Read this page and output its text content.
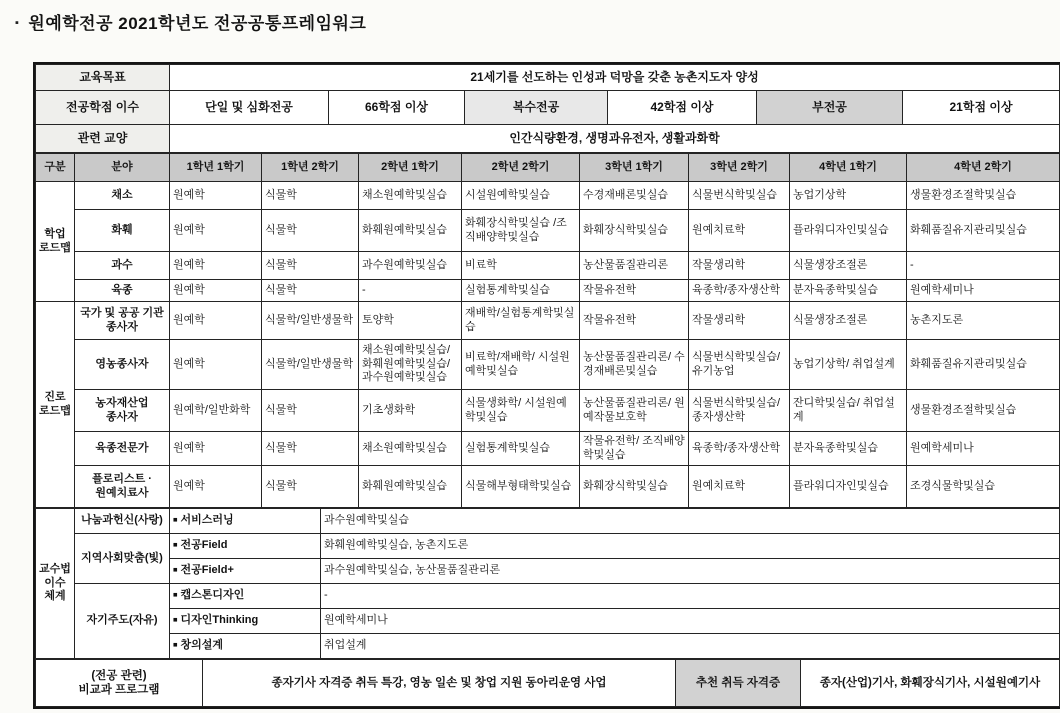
▪ 원예학전공 2021학년도 전공공통프레임워크
교육목표	21세기를 선도하는 인성과 덕망을 갖춘 농촌지도자 양성					
전공학점 이수	단일 및 심화전공	66학점 이상	복수전공	42학점 이상	부전공	21학점 이상
관련 교양	인간식량환경, 생명과유전자, 생활과화학					
구분	분야	1학년 1학기	1학년 2학기	2학년 1학기	2학년 2학기	3학년 1학기	3학년 2학기	4학년 1학기	4학년 2학기
학업 로드맵	채소	원예학	식물학	채소원예학및실습	시설원예학및실습	수경재배론및실습	식물번식학및실습	농업기상학	생물환경조절학및실습
	화훼	원예학	식물학	화훼원예학및실습	화훼장식학및실습 /조직배양학및실습	화훼장식학및실습	원예치료학	플라워디자인및실습	화훼품질유지관리및실습
	과수	원예학	식물학	과수원예학및실습	비료학	농산물품질관리론	작물생리학	식물생장조절론	-
	육종	원예학	식물학	-	실험통계학및실습	작물유전학	육종학/종자생산학	분자육종학및실습	원예학세미나
진로 로드맵	국가 및 공공 기관 종사자	원예학	식물학/일반생물학	토양학	재배학/실험통계학및실습	작물유전학	작물생리학	식물생장조절론	농촌지도론
	영농종사자	원예학	식물학/일반생물학	채소원예학및실습/ 화훼원예학및실습/ 과수원예학및실습	비료학/재배학/ 시설원예학및실습	농산물품질관리론/ 수경재배론및실습	식물번식학및실습/ 유기농업	농업기상학/ 취업설계	화훼품질유지관리및실습
	농자재산업 종사자	원예학/일반화학	식물학	기초생화학	식물생화학/ 시설원예학및실습	농산물품질관리론/ 원예작물보호학	식물번식학및실습/ 종자생산학	잔디학및실습/ 취업설계	생물환경조절학및실습
	육종전문가	원예학	식물학	채소원예학및실습	실험통계학및실습	작물유전학/ 조직배양학및실습	육종학/종자생산학	분자육종학및실습	원예학세미나
	플로리스트 · 원예치료사	원예학	식물학	화훼원예학및실습	식물해부형태학및실습	화훼장식학및실습	원예치료학	플라워디자인및실습	조경식물학및실습
교수법 이수 체계	나눔과헌신(사랑)	■ 서비스러닝	과수원예학및실습
	지역사회맞춤(빛)	■ 전공Field	화훼원예학및실습, 농촌지도론
		■ 전공Field+	과수원예학및실습, 농산물품질관리론
	자기주도(자유)	■ 캡스톤디자인	-
		■ 디자인Thinking	원예학세미나
		■ 창의설계	취업설계
(전공 관련)
비교과 프로그램
	종자기사 자격증 취득 특강, 영농 일손 및 창업 지원 동아리운영 사업	추천 취득 자격증	종자(산업)기사, 화훼장식기사, 시설원예기사
